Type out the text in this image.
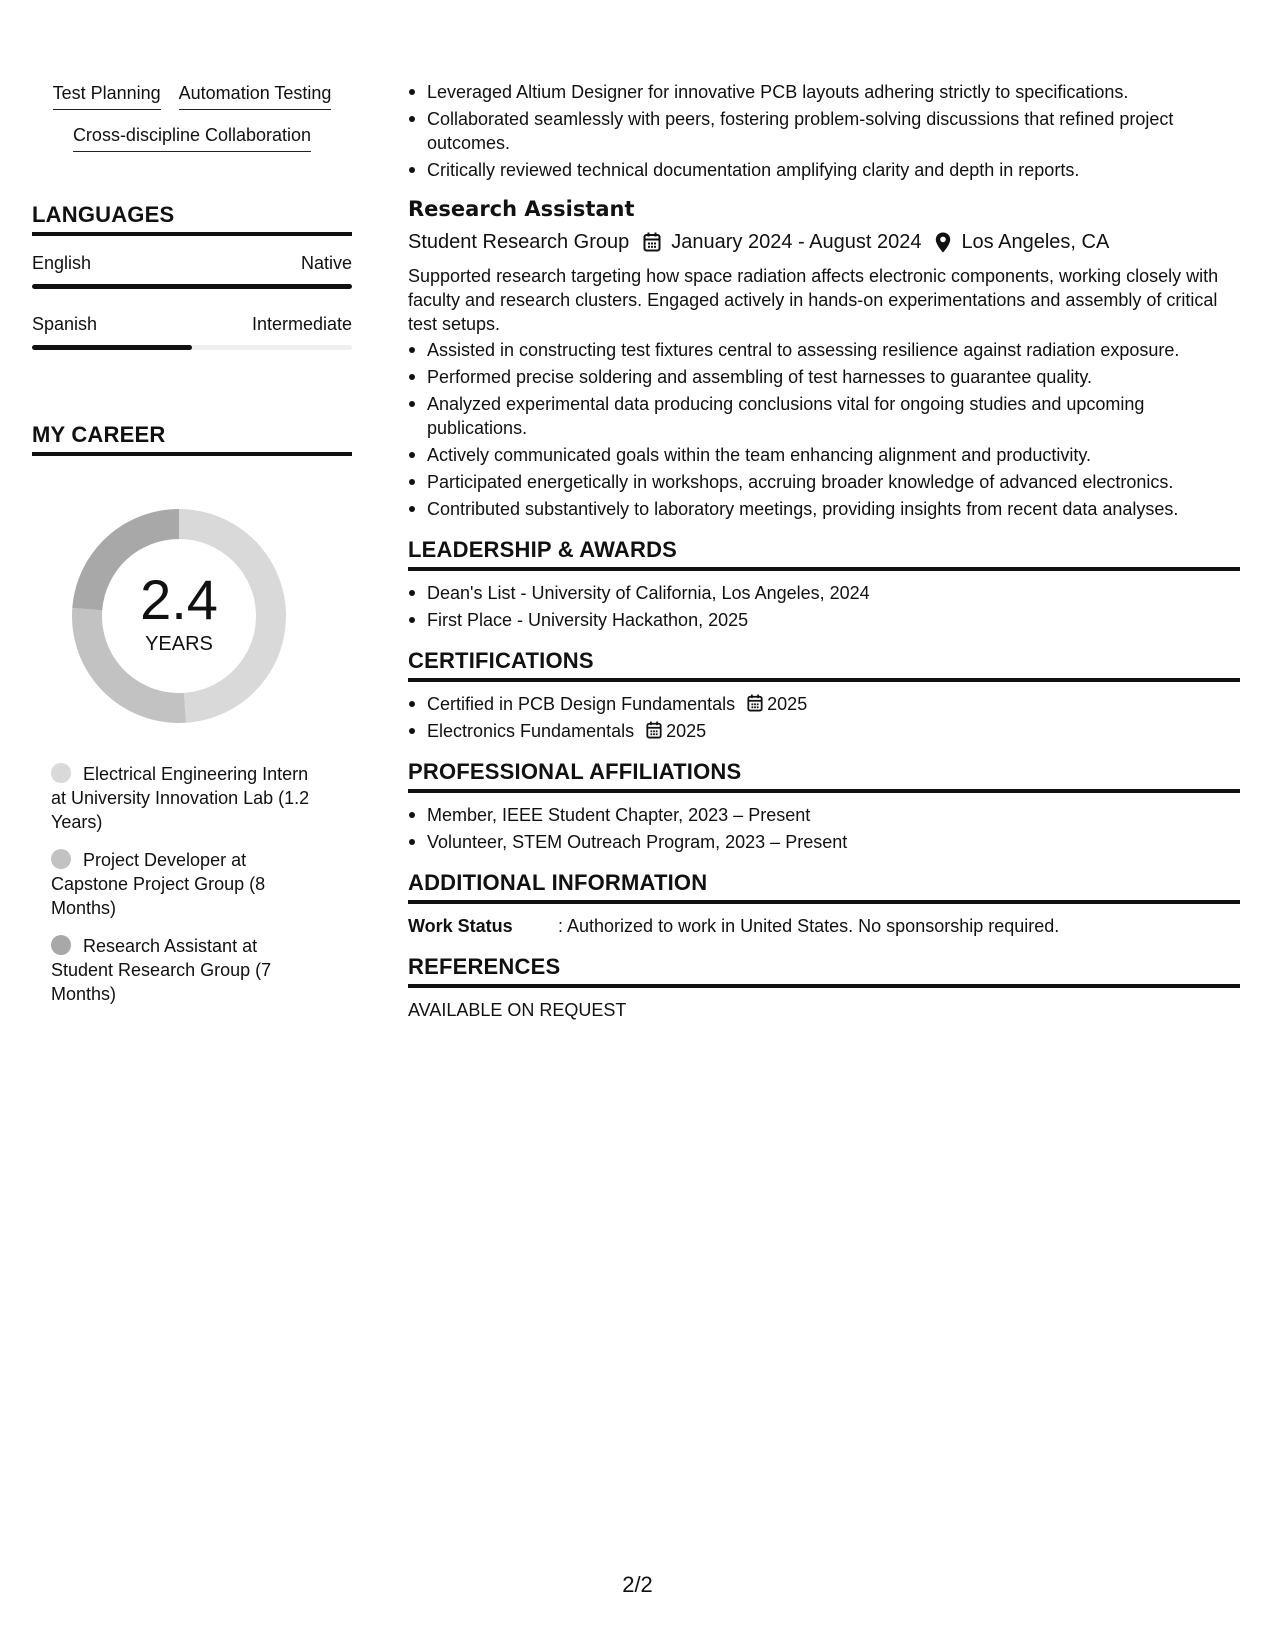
Test Planning Automation Testing
Cross-discipline Collaboration
LANGUAGES
English	Native
Spanish	Intermediate
MY CAREER
2.4
YEARS
Electrical Engineering Intern at University Innovation Lab (1.2 Years)
Project Developer at Capstone Project Group (8 Months)
Research Assistant at Student Research Group (7 Months)
Leveraged Altium Designer for innovative PCB layouts adhering strictly to specifications.
Collaborated seamlessly with peers, fostering problem-solving discussions that refined project outcomes.
Critically reviewed technical documentation amplifying clarity and depth in reports.
Research Assistant
Student Research Group January 2024 - August 2024 Los Angeles, CA

Supported research targeting how space radiation affects electronic components, working closely with faculty and research clusters. Engaged actively in hands-on experimentations and assembly of critical test setups.

Assisted in constructing test fixtures central to assessing resilience against radiation exposure.
Performed precise soldering and assembling of test harnesses to guarantee quality.
Analyzed experimental data producing conclusions vital for ongoing studies and upcoming publications.
Actively communicated goals within the team enhancing alignment and productivity.
Participated energetically in workshops, accruing broader knowledge of advanced electronics.
Contributed substantively to laboratory meetings, providing insights from recent data analyses.
LEADERSHIP & AWARDS
Dean's List - University of California, Los Angeles, 2024
First Place - University Hackathon, 2025
CERTIFICATIONS
Certified in PCB Design Fundamentals 2025
Electronics Fundamentals 2025
PROFESSIONAL AFFILIATIONS
Member, IEEE Student Chapter, 2023 – Present
Volunteer, STEM Outreach Program, 2023 – Present
ADDITIONAL INFORMATION
Work Status	: Authorized to work in United States. No sponsorship required.
REFERENCES
AVAILABLE ON REQUEST
2/2
